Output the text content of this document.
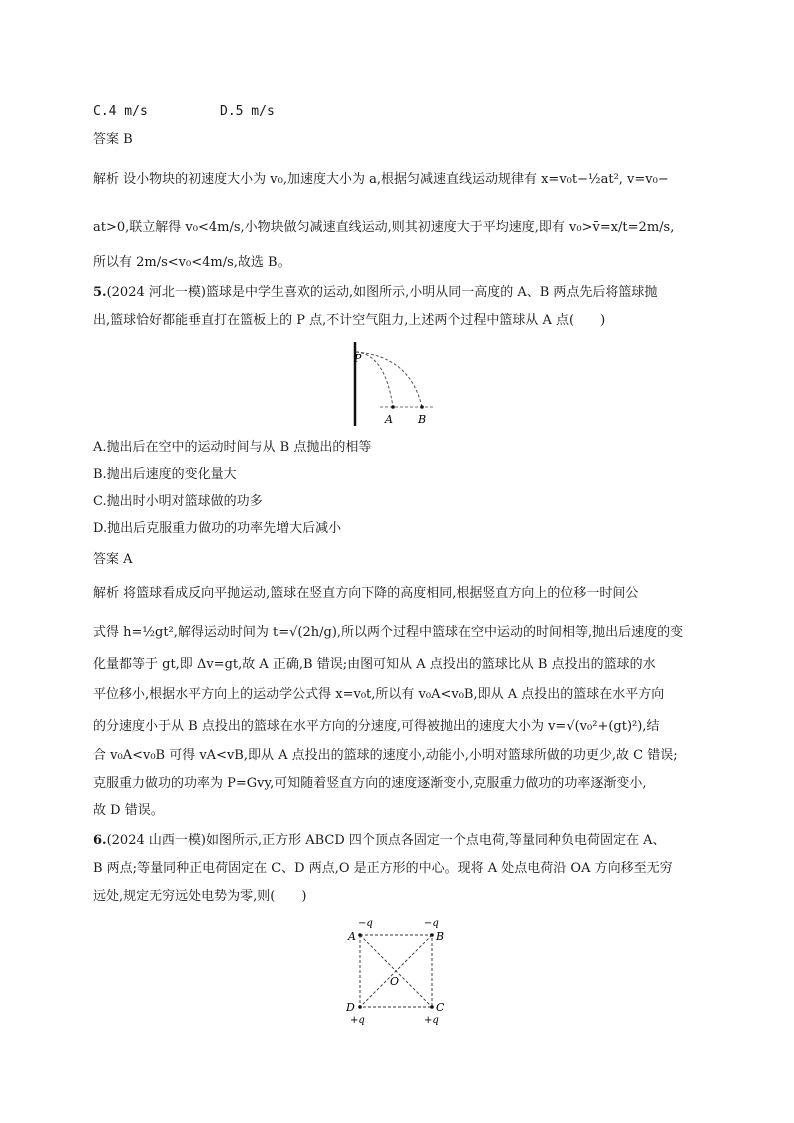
C.4 m/s	D.5 m/s
答案 B
解析 设小物块的初速度大小为 v₀,加速度大小为 a,根据匀减速直线运动规律有 x=v₀t−½at², v=v₀−
at>0,联立解得 v₀<4m/s,小物块做匀减速直线运动,则其初速度大于平均速度,即有 v₀>v̄=x/t=2m/s,
所以有 2m/s<v₀<4m/s,故选 B。
5.(2024 河北一模)篮球是中学生喜欢的运动,如图所示,小明从同一高度的 A、B 两点先后将篮球抛
出,篮球恰好都能垂直打在篮板上的 P 点,不计空气阻力,上述两个过程中篮球从 A 点(　　)
P
A B
A.抛出后在空中的运动时间与从 B 点抛出的相等
B.抛出后速度的变化量大
C.抛出时小明对篮球做的功多
D.抛出后克服重力做功的功率先增大后减小
答案 A
解析 将篮球看成反向平抛运动,篮球在竖直方向下降的高度相同,根据竖直方向上的位移一时间公
式得 h=½gt²,解得运动时间为 t=√(2h/g),所以两个过程中篮球在空中运动的时间相等,抛出后速度的变
化量都等于 gt,即 Δv=gt,故 A 正确,B 错误;由图可知从 A 点投出的篮球比从 B 点投出的篮球的水
平位移小,根据水平方向上的运动学公式得 x=v₀t,所以有 v₀A<v₀B,即从 A 点投出的篮球在水平方向
的分速度小于从 B 点投出的篮球在水平方向的分速度,可得被抛出的速度大小为 v=√(v₀²+(gt)²),结
合 v₀A<v₀B 可得 vA<vB,即从 A 点投出的篮球的速度小,动能小,小明对篮球所做的功更少,故 C 错误;
克服重力做功的功率为 P=Gvy,可知随着竖直方向的速度逐渐变小,克服重力做功的功率逐渐变小,
故 D 错误。
6.(2024 山西一模)如图所示,正方形 ABCD 四个顶点各固定一个点电荷,等量同种负电荷固定在 A、
B 两点;等量同种正电荷固定在 C、D 两点,O 是正方形的中心。现将 A 处点电荷沿 OA 方向移至无穷
远处,规定无穷远处电势为零,则(　　)
−q	−q
A	B
O
D	C
+q	+q
